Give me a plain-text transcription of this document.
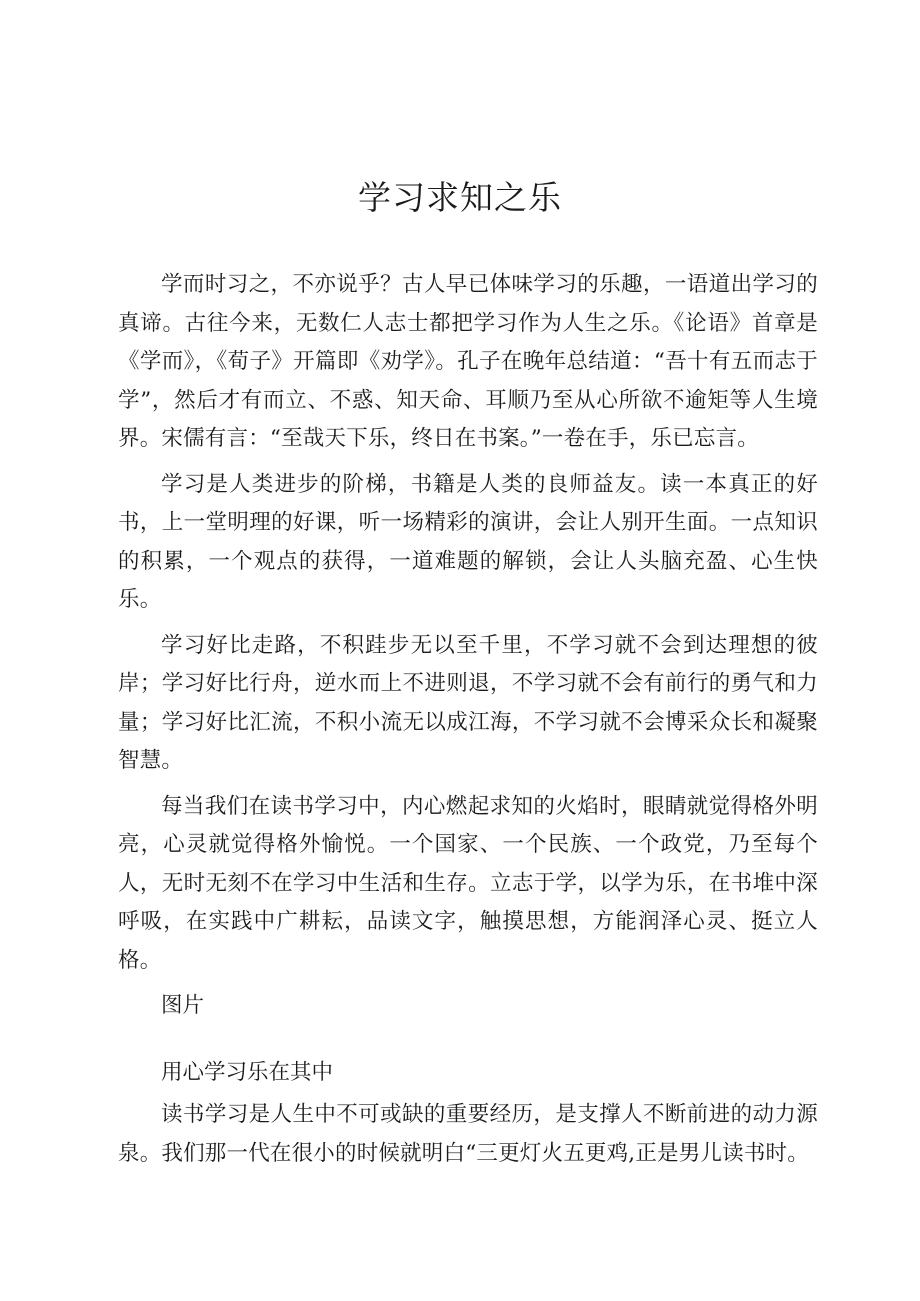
学习求知之乐

学而时习之，不亦说乎？古人早已体味学习的乐趣，一语道出学习的真谛。古往今来，无数仁人志士都把学习作为人生之乐。《论语》首章是《学而》，《荀子》开篇即《劝学》。孔子在晚年总结道：“吾十有五而志于学”，然后才有而立、不惑、知天命、耳顺乃至从心所欲不逾矩等人生境界。宋儒有言：“至哉天下乐，终日在书案。”一卷在手，乐已忘言。

学习是人类进步的阶梯，书籍是人类的良师益友。读一本真正的好书，上一堂明理的好课，听一场精彩的演讲，会让人别开生面。一点知识的积累，一个观点的获得，一道难题的解锁，会让人头脑充盈、心生快乐。

学习好比走路，不积跬步无以至千里，不学习就不会到达理想的彼岸；学习好比行舟，逆水而上不进则退，不学习就不会有前行的勇气和力量；学习好比汇流，不积小流无以成江海，不学习就不会博采众长和凝聚智慧。

每当我们在读书学习中，内心燃起求知的火焰时，眼睛就觉得格外明亮，心灵就觉得格外愉悦。一个国家、一个民族、一个政党，乃至每个人，无时无刻不在学习中生活和生存。立志于学，以学为乐，在书堆中深呼吸，在实践中广耕耘，品读文字，触摸思想，方能润泽心灵、挺立人格。

图片

用心学习乐在其中

读书学习是人生中不可或缺的重要经历，是支撑人不断前进的动力源泉。我们那一代在很小的时候就明白“三更灯火五更鸡,正是男儿读书时。
